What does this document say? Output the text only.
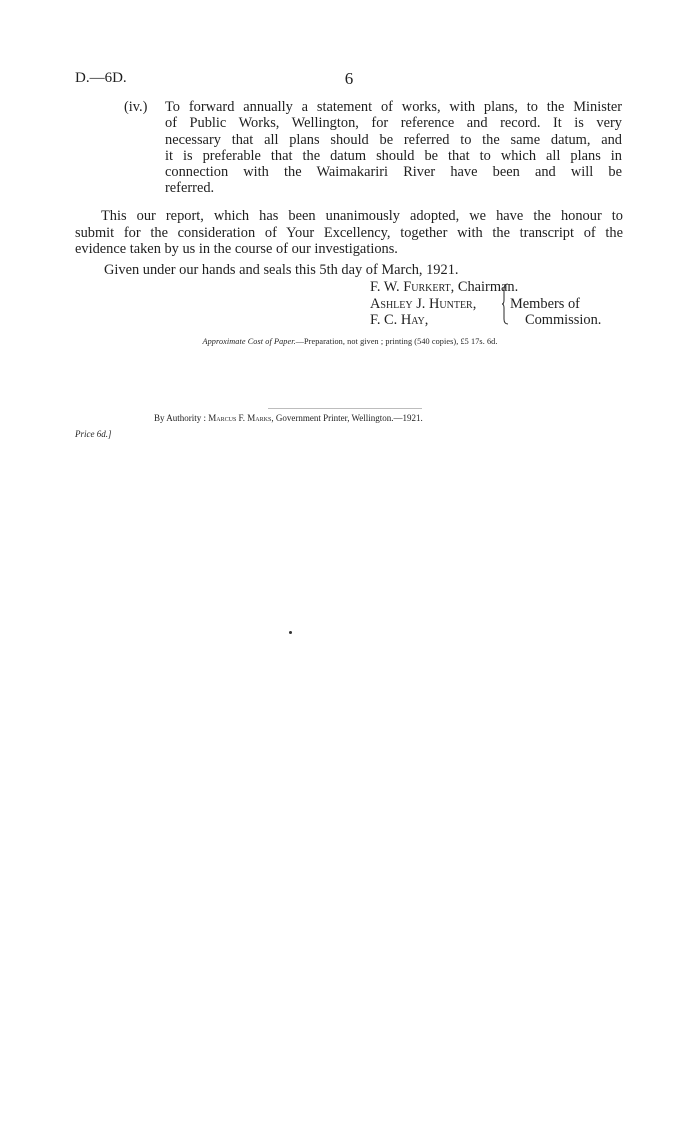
D.—6D.	6
(iv.) To forward annually a statement of works, with plans, to the Minister
of Public Works, Wellington, for reference and record. It is very
necessary that all plans should be referred to the same datum, and
it is preferable that the datum should be that to which all plans in
connection with the Waimakariri River have been and will be
referred.
This our report, which has been unanimously adopted, we have the honour to
submit for the consideration of Your Excellency, together with the transcript of the
evidence taken by us in the course of our investigations.
Given under our hands and seals this 5th day of March, 1921.
F. W. Furkert, Chairman.
Ashley J. Hunter, Members of
F. C. Hay,	Commission.
Approximate Cost of Paper.—Preparation, not given ; printing (540 copies), £5 17s. 6d.
By Authority : Marcus F. Marks, Government Printer, Wellington.—1921.
Price 6d.]
